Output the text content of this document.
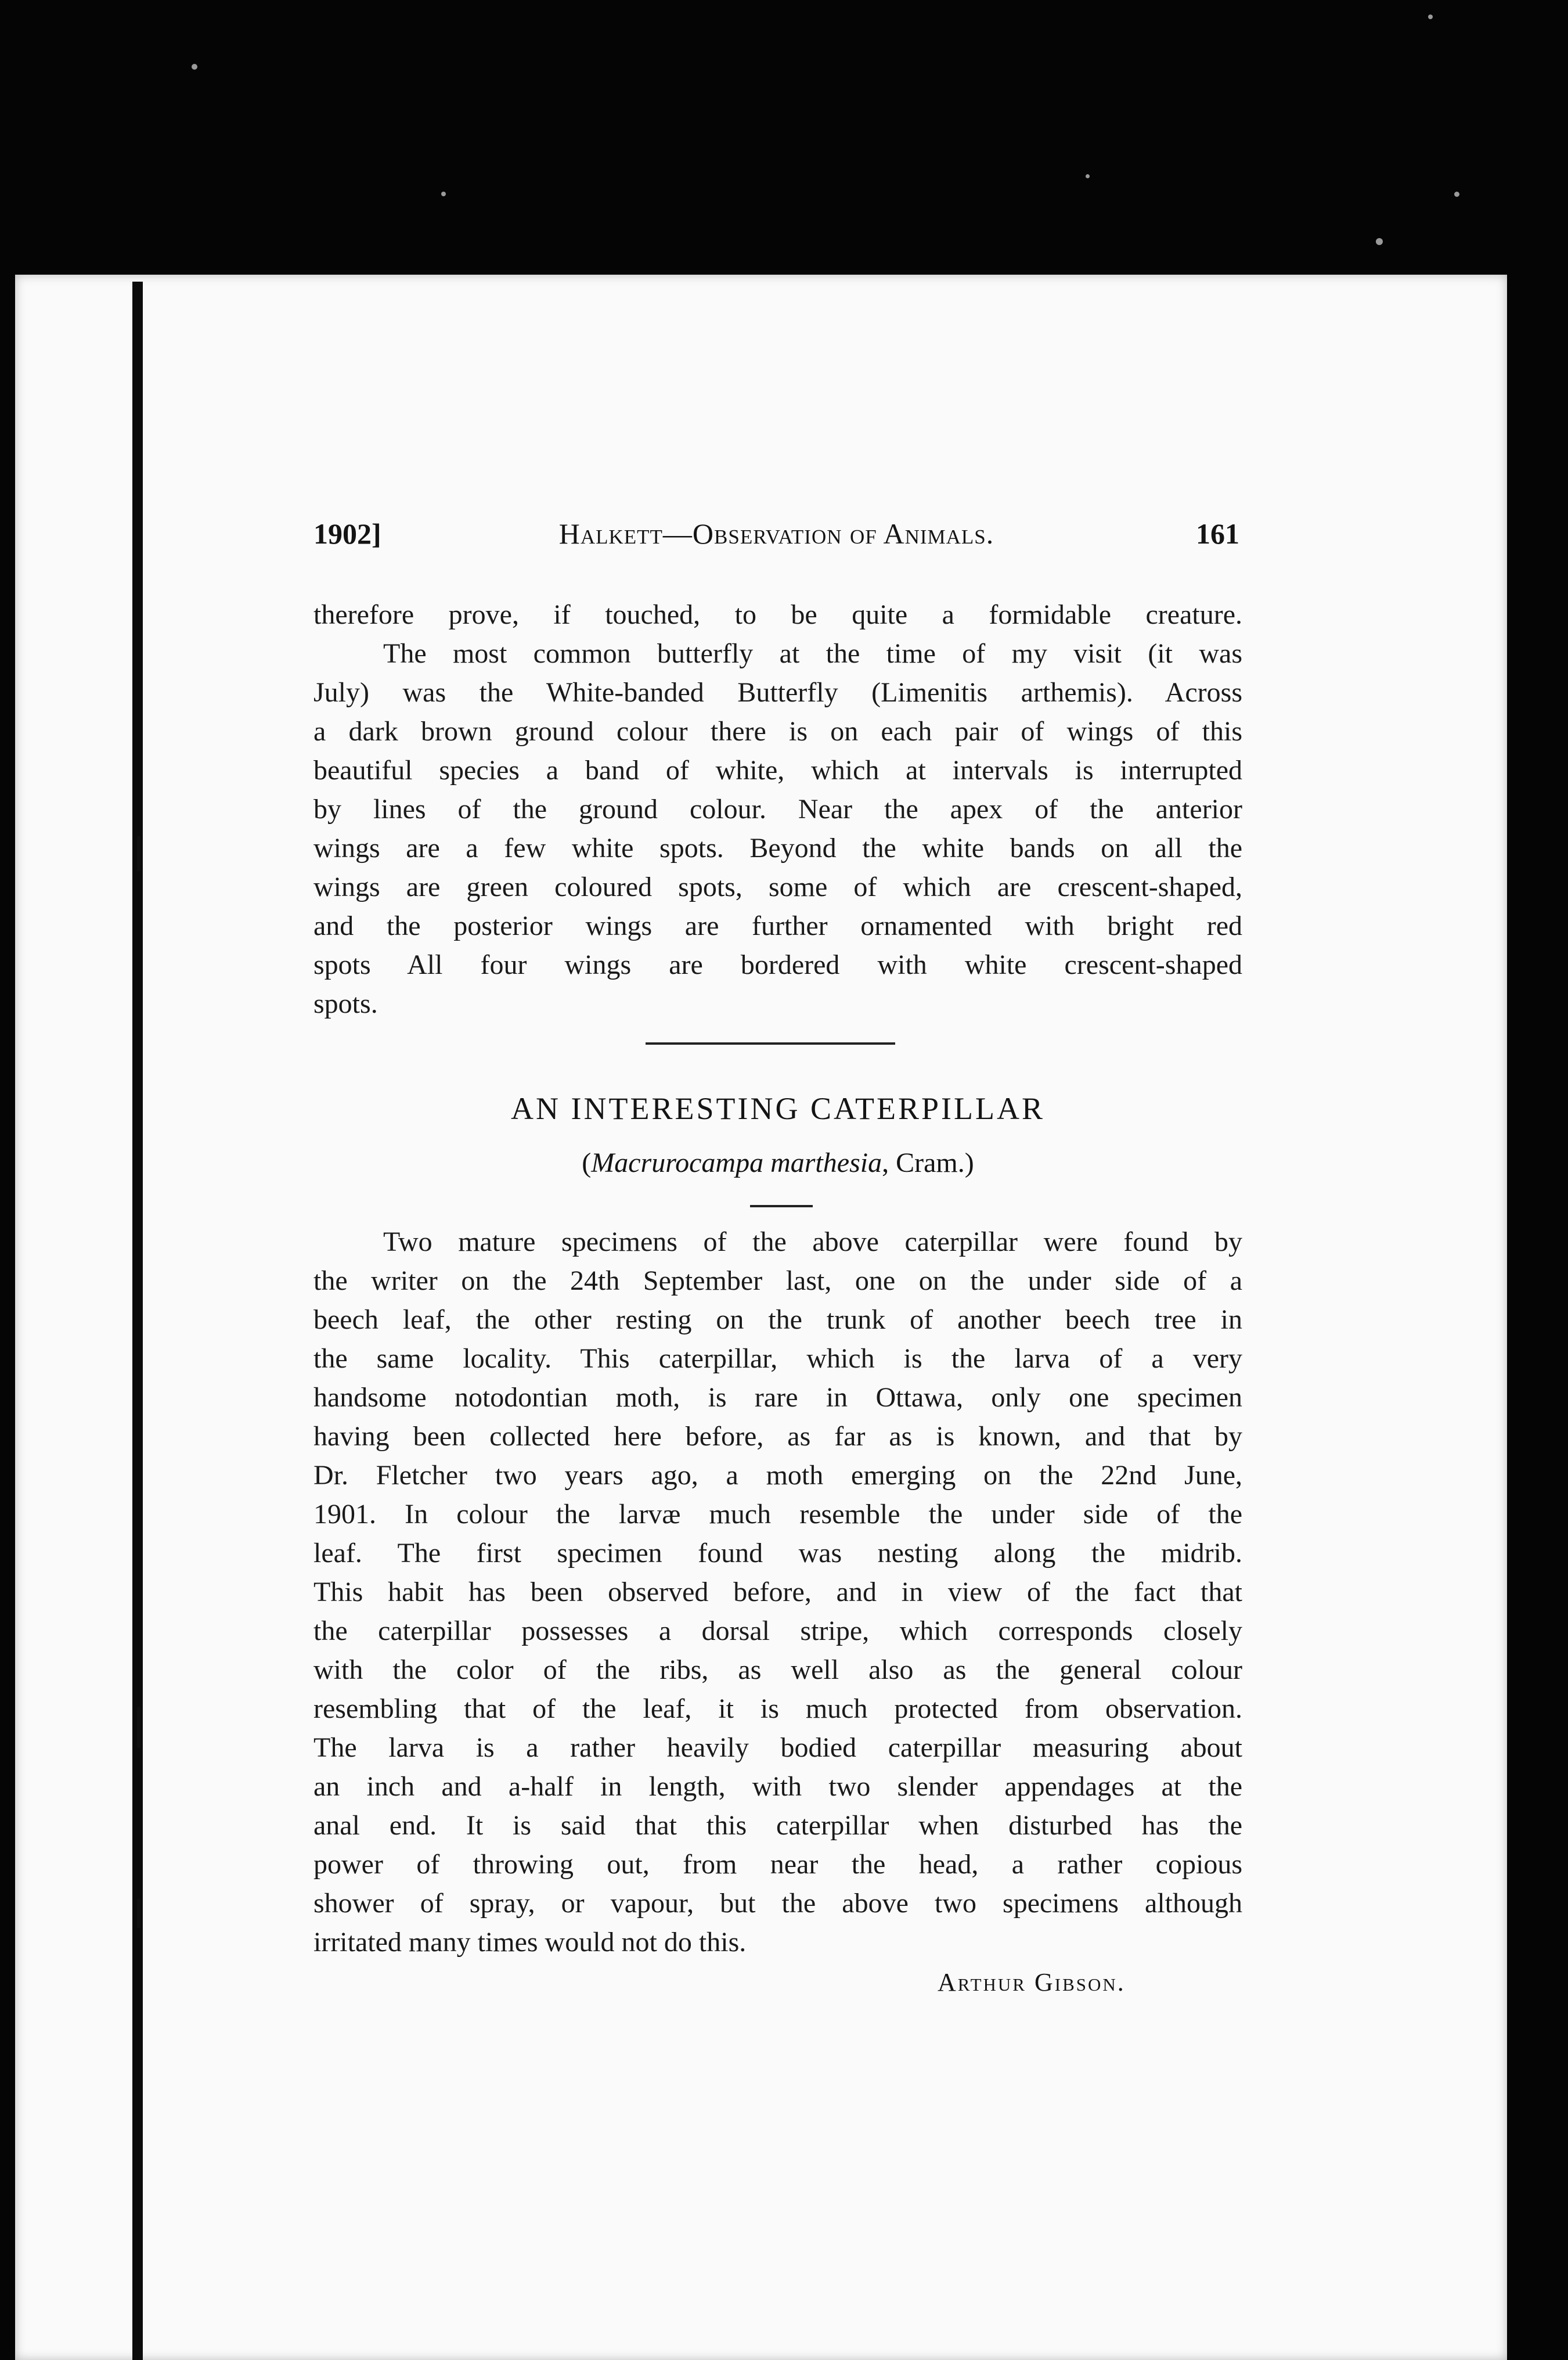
1902]	Halkett—Observation of Animals.	161
therefore prove, if touched, to be quite a formidable creature.
The most common butterfly at the time of my visit (it was
July) was the White-banded Butterfly (Limenitis arthemis). Across
a dark brown ground colour there is on each pair of wings of this
beautiful species a band of white, which at intervals is interrupted
by lines of the ground colour. Near the apex of the anterior
wings are a few white spots. Beyond the white bands on all the
wings are green coloured spots, some of which are crescent-shaped,
and the posterior wings are further ornamented with bright red
spots All four wings are bordered with white crescent-shaped
spots.
AN INTERESTING CATERPILLAR
(Macrurocampa marthesia, Cram.)
Two mature specimens of the above caterpillar were found by
the writer on the 24th September last, one on the under side of a
beech leaf, the other resting on the trunk of another beech tree in
the same locality. This caterpillar, which is the larva of a very
handsome notodontian moth, is rare in Ottawa, only one specimen
having been collected here before, as far as is known, and that by
Dr. Fletcher two years ago, a moth emerging on the 22nd June,
1901. In colour the larvæ much resemble the under side of the
leaf. The first specimen found was nesting along the midrib.
This habit has been observed before, and in view of the fact that
the caterpillar possesses a dorsal stripe, which corresponds closely
with the color of the ribs, as well also as the general colour
resembling that of the leaf, it is much protected from observation.
The larva is a rather heavily bodied caterpillar measuring about
an inch and a-half in length, with two slender appendages at the
anal end. It is said that this caterpillar when disturbed has the
power of throwing out, from near the head, a rather copious
shower of spray, or vapour, but the above two specimens although
irritated many times would not do this.
Arthur Gibson.
